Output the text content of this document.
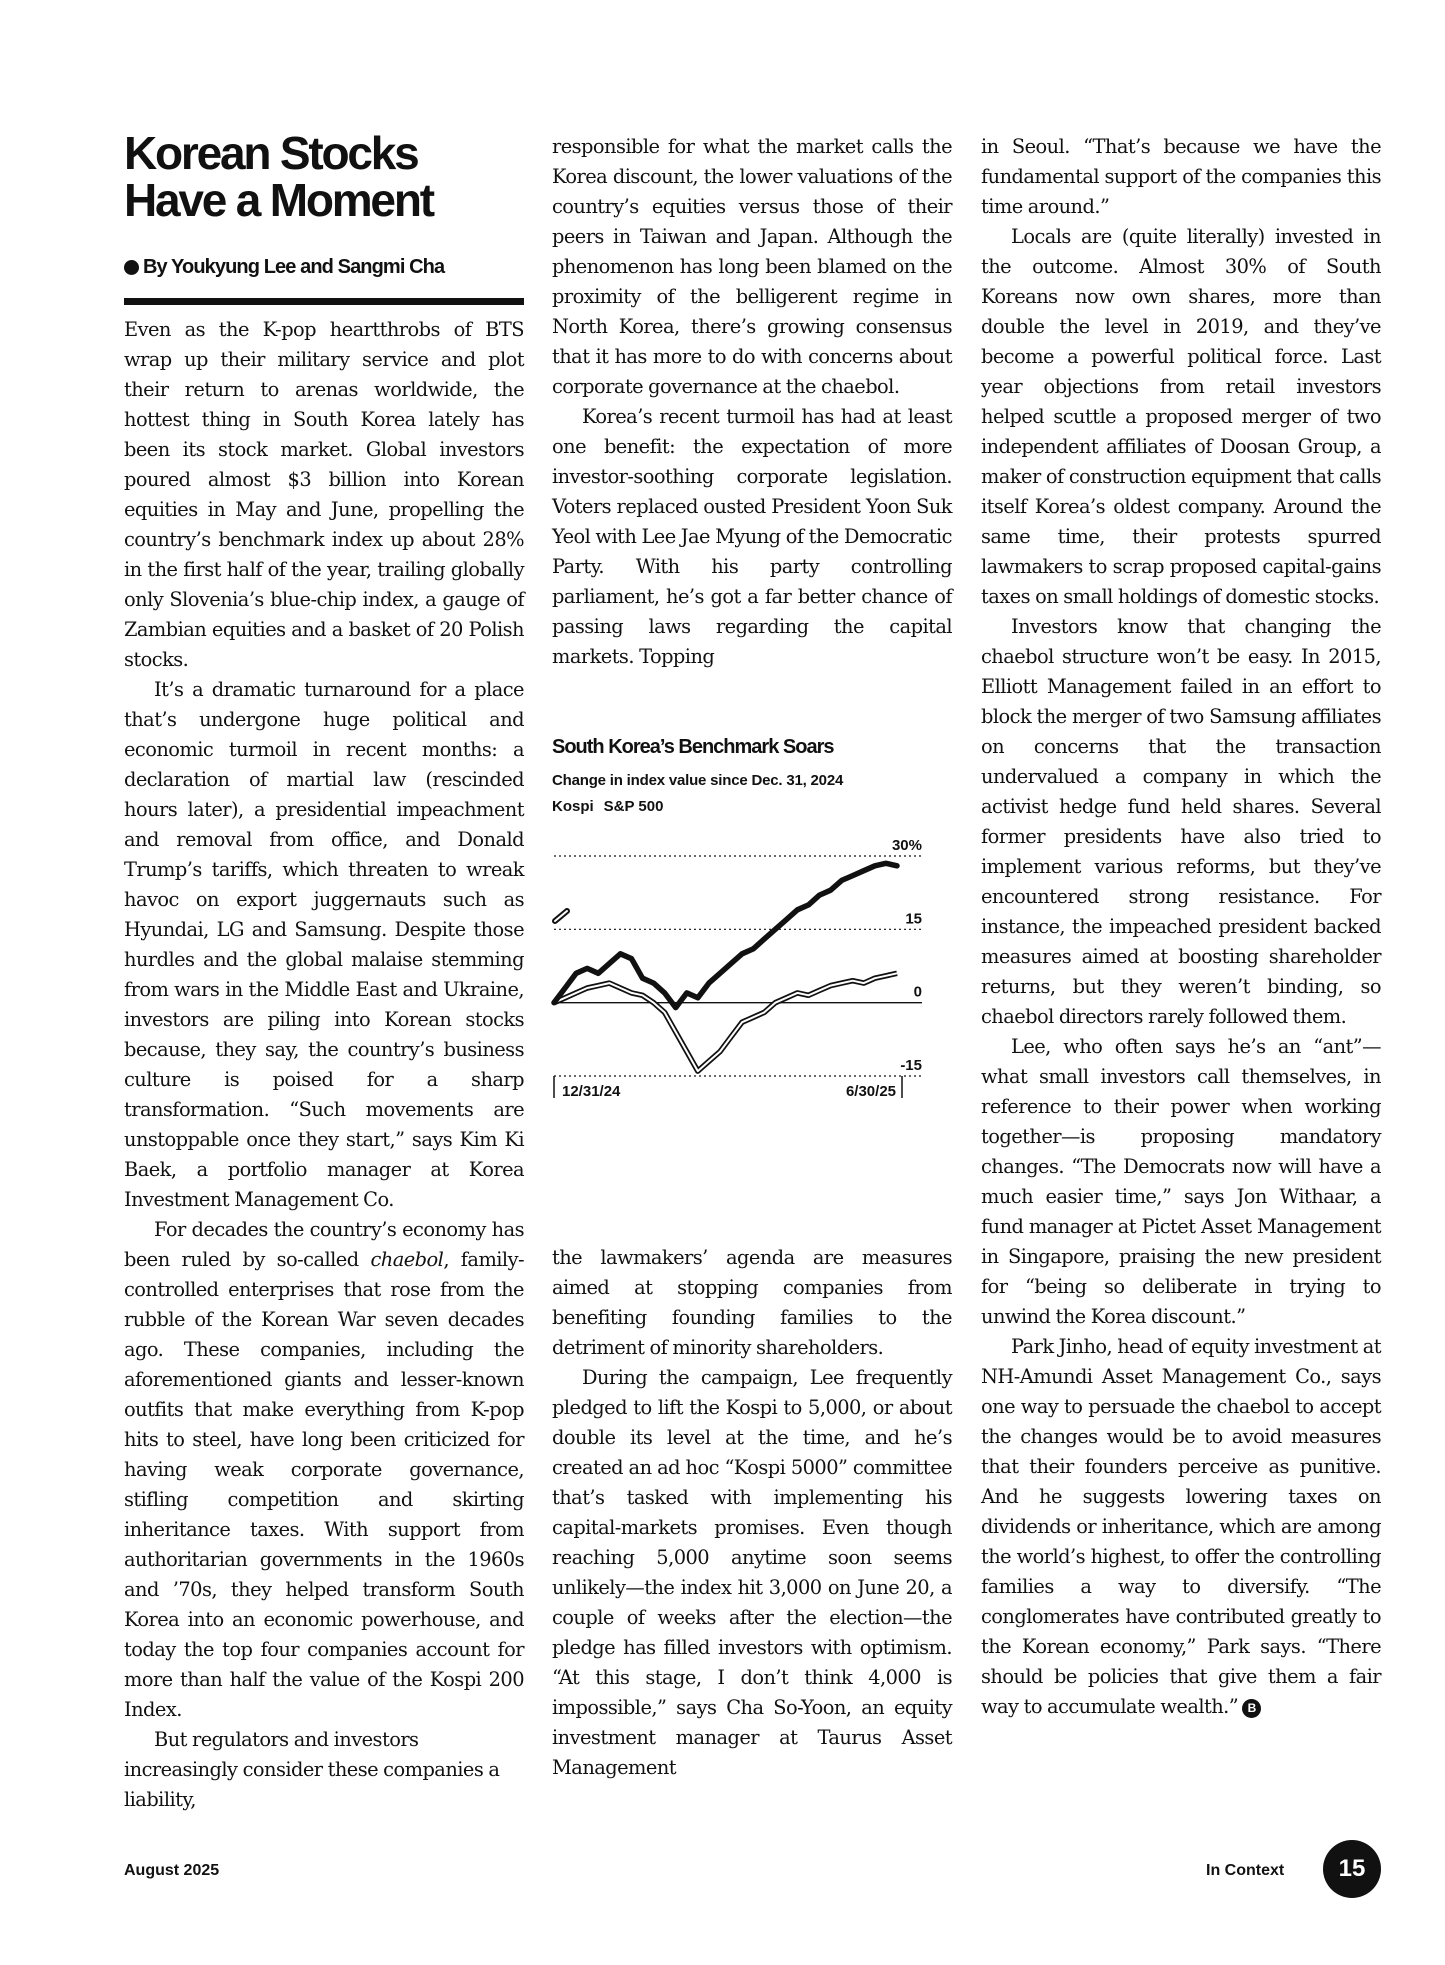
Korean Stocks
Have a Moment
By Youkyung Lee and Sangmi Cha

Even as the K-pop heartthrobs of BTS wrap up their military service and plot their return to arenas worldwide, the hottest thing in South Korea lately has been its stock market. Global investors poured almost $3 billion into Korean equities in May and June, propelling the country’s benchmark index up about 28% in the first half of the year, trailing globally only Slovenia’s blue-chip index, a gauge of Zambian equities and a basket of 20 Polish stocks.

It’s a dramatic turnaround for a place that’s undergone huge political and economic turmoil in recent months: a declaration of martial law (rescinded hours later), a presidential impeachment and removal from office, and Donald Trump’s tariffs, which threaten to wreak havoc on export juggernauts such as Hyundai, LG and Samsung. Despite those hurdles and the global malaise stemming from wars in the Middle East and Ukraine, investors are piling into Korean stocks because, they say, the country’s business culture is poised for a sharp transformation. “Such movements are unstoppable once they start,” says Kim Ki Baek, a portfolio manager at Korea Investment Management Co.

For decades the country’s economy has been ruled by so-called chaebol, family-controlled enterprises that rose from the rubble of the Korean War seven decades ago. These companies, including the aforementioned giants and lesser-known outfits that make everything from K-pop hits to steel, have long been criticized for having weak corporate governance, stifling competition and skirting inheritance taxes. With support from authoritarian governments in the 1960s and ’70s, they helped transform South Korea into an economic powerhouse, and today the top four companies account for more than half the value of the Kospi 200 Index.

But regulators and investors increasingly consider these companies a liability,

responsible for what the market calls the Korea discount, the lower valuations of the country’s equities versus those of their peers in Taiwan and Japan. Although the phenomenon has long been blamed on the proximity of the belligerent regime in North Korea, there’s growing consensus that it has more to do with concerns about corporate governance at the chaebol.

Korea’s recent turmoil has had at least one benefit: the expectation of more investor-soothing corporate legislation. Voters replaced ousted President Yoon Suk Yeol with Lee Jae Myung of the Democratic Party. With his party controlling parliament, he’s got a far better chance of passing laws regarding the capital markets. Topping

South Korea’s Benchmark Soars
Change in index value since Dec. 31, 2024
Kospi S&P 500
30%
15
0
-15
12/31/24	6/30/25

the lawmakers’ agenda are measures aimed at stopping companies from benefiting founding families to the detriment of minority shareholders.

During the campaign, Lee frequently pledged to lift the Kospi to 5,000, or about double its level at the time, and he’s created an ad hoc “Kospi 5000” committee that’s tasked with implementing his capital-markets promises. Even though reaching 5,000 anytime soon seems unlikely—the index hit 3,000 on June 20, a couple of weeks after the election—the pledge has filled investors with optimism. “At this stage, I don’t think 4,000 is impossible,” says Cha So-Yoon, an equity investment manager at Taurus Asset Management

in Seoul. “That’s because we have the fundamental support of the companies this time around.”

Locals are (quite literally) invested in the outcome. Almost 30% of South Koreans now own shares, more than double the level in 2019, and they’ve become a powerful political force. Last year objections from retail investors helped scuttle a proposed merger of two independent affiliates of Doosan Group, a maker of construction equipment that calls itself Korea’s oldest company. Around the same time, their protests spurred lawmakers to scrap proposed capital-gains taxes on small holdings of domestic stocks.

Investors know that changing the chaebol structure won’t be easy. In 2015, Elliott Management failed in an effort to block the merger of two Samsung affiliates on concerns that the transaction undervalued a company in which the activist hedge fund held shares. Several former presidents have also tried to implement various reforms, but they’ve encountered strong resistance. For instance, the impeached president backed measures aimed at boosting shareholder returns, but they weren’t binding, so chaebol directors rarely followed them.

Lee, who often says he’s an “ant”—what small investors call themselves, in reference to their power when working together—is proposing mandatory changes. “The Democrats now will have a much easier time,” says Jon Withaar, a fund manager at Pictet Asset Management in Singapore, praising the new president for “being so deliberate in trying to unwind the Korea discount.”

Park Jinho, head of equity investment at NH-Amundi Asset Management Co., says one way to persuade the chaebol to accept the changes would be to avoid measures that their founders perceive as punitive. And he suggests lowering taxes on dividends or inheritance, which are among the world’s highest, to offer the controlling families a way to diversify. “The conglomerates have contributed greatly to the Korean economy,” Park says. “There should be policies that give them a fair way to accumulate wealth.” B

August 2025	In Context	15
